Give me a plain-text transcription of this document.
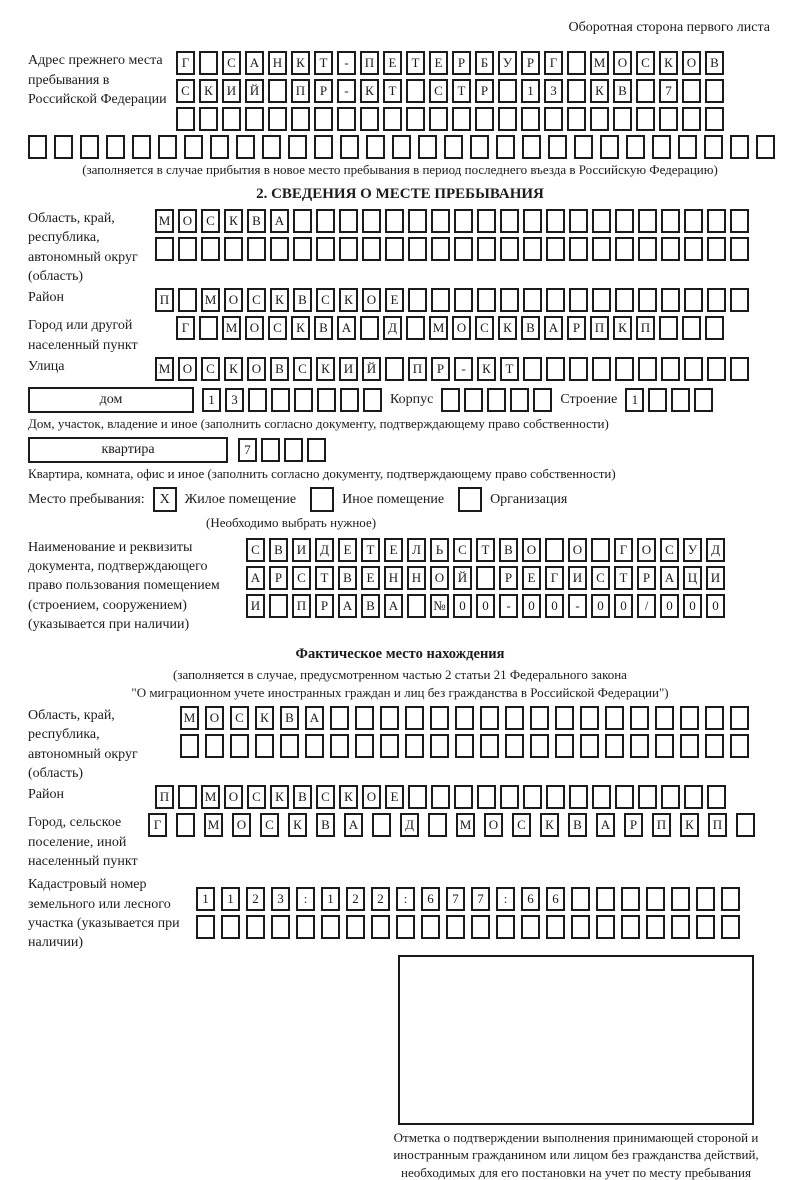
Оборотная сторона первого листа
Адрес прежнего места пребывания в Российской Федерации
Г	С	А	Н	К	Т	-	П	Е	Т	Е	Р	Б	У	Р	Г	М О	С	К	О	В
С	К	И	Й	П	Р	-	К	Т	С	Т	Р	1	3	К	В	7
(заполняется в случае прибытия в новое место пребывания в период последнего въезда в Российскую Федерацию)
2. СВЕДЕНИЯ О МЕСТЕ ПРЕБЫВАНИЯ
Область, край, республика, автономный округ (область)
М О	С	К	В	А
Район	П	М О	С	К	В	С	К	О	Е
Город или другой населенный пункт
Г	М О	С	К	В	А	Д	М О	С	К	В	А	Р	П	К	П
Улица	М О	С	К	О	В	С	К	И	Й	П	Р	-	К	Т
дом	1	3	Корпус	Строение	1
Дом, участок, владение и иное (заполнить согласно документу, подтверждающему право собственности)
квартира	7
Квартира, комната, офис и иное (заполнить согласно документу, подтверждающему право собственности)
Место пребывания:	X	Жилое помещение	Иное помещение	Организация
(Необходимо выбрать нужное)
Наименование и реквизиты документа, подтверждающего право пользования помещением (строением, сооружением) (указывается при наличии)
С	В	И	Д	Е	Т	Е	Л	Ь	С	Т	В	О	О	Г	О	С	У	Д
А	Р	С	Т	В	Е	Н	Н	О	Й	Р	Е	Г	И	С	Т	Р	А	Ц	И
И	П	Р	А	В	А	№	0	0	-	0	0	-	0	0	/	0	0	0
Фактическое место нахождения
(заполняется в случае, предусмотренном частью 2 статьи 21 Федерального закона
"О миграционном учете иностранных граждан и лиц без гражданства в Российской Федерации")
Область, край, республика, автономный округ (область)
М	О	С	К	В	А
Район	П	М О	С	К	В	С	К	О	Е
Город, сельское поселение, иной населенный пункт
Г	М	О	С	К	В	А	Д	М	О	С	К	В	А	Р	П	К	П
Кадастровый номер земельного или лесного участка (указывается при наличии)
1	1	2	3	:	1	2	2	:	6	7	7	:	6	6
Отметка о подтверждении выполнения принимающей стороной и иностранным гражданином или лицом без гражданства действий, необходимых для его постановки на учет по месту пребывания
